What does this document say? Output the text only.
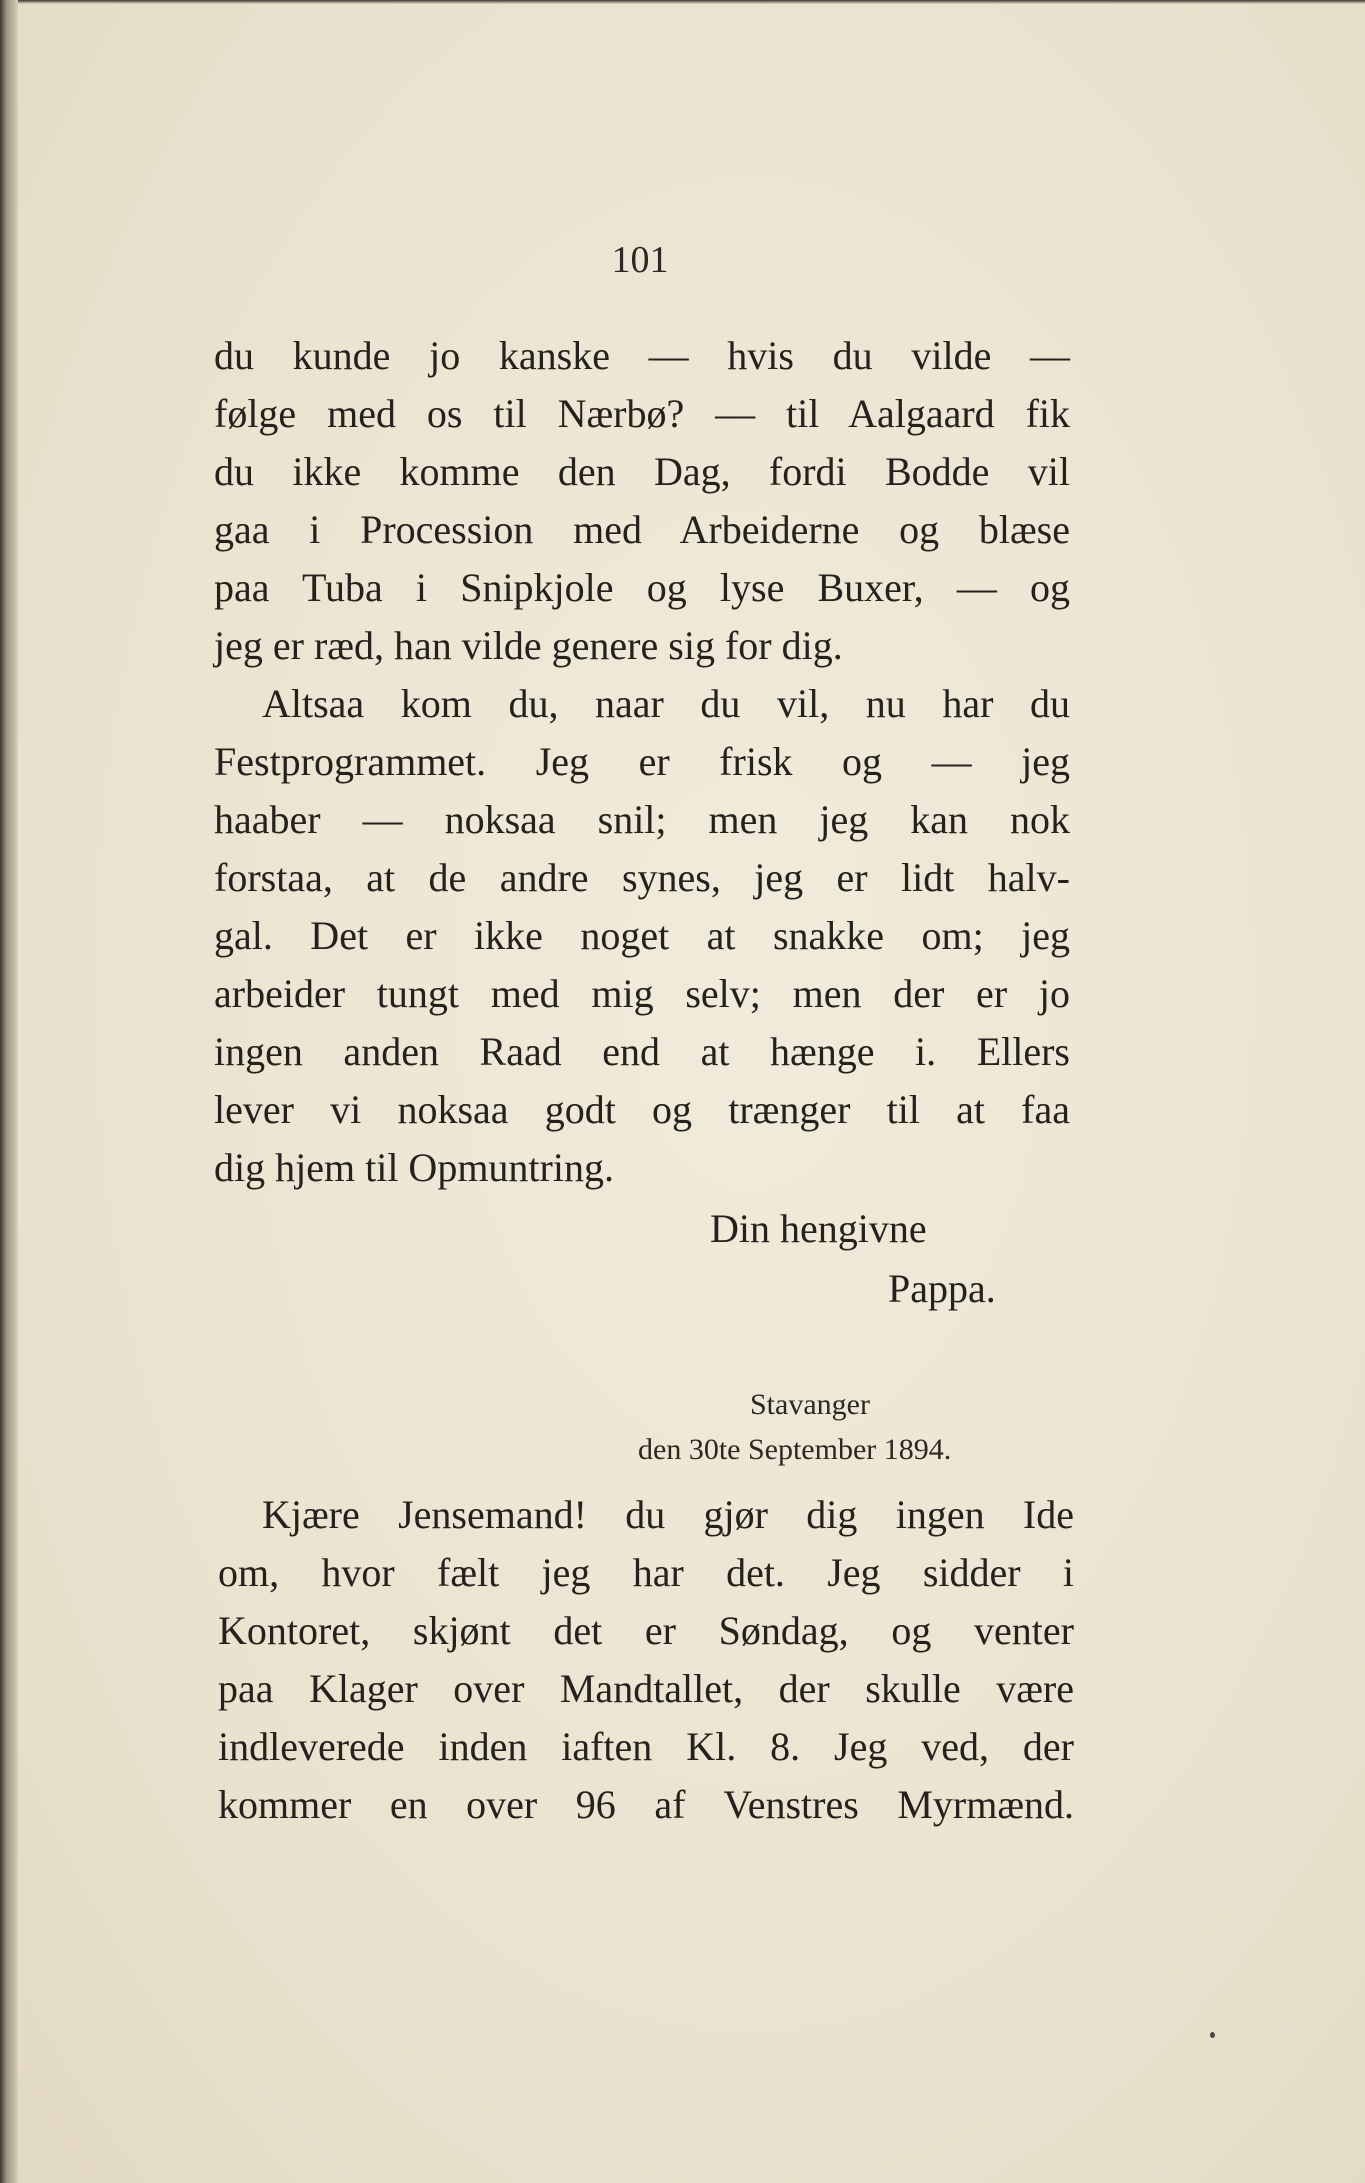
101
du kunde jo kanske — hvis du vilde —
følge med os til Nærbø? — til Aalgaard fik
du ikke komme den Dag, fordi Bodde vil
gaa i Procession med Arbeiderne og blæse
paa Tuba i Snipkjole og lyse Buxer, — og
jeg er ræd, han vilde genere sig for dig.
Altsaa kom du, naar du vil, nu har du
Festprogrammet. Jeg er frisk og — jeg
haaber — noksaa snil; men jeg kan nok
forstaa, at de andre synes, jeg er lidt halv-
gal. Det er ikke noget at snakke om; jeg
arbeider tungt med mig selv; men der er jo
ingen anden Raad end at hænge i. Ellers
lever vi noksaa godt og trænger til at faa
dig hjem til Opmuntring.
Din hengivne
Pappa.
Stavanger
den 30te September 1894.
Kjære Jensemand! du gjør dig ingen Ide
om, hvor fælt jeg har det. Jeg sidder i
Kontoret, skjønt det er Søndag, og venter
paa Klager over Mandtallet, der skulle være
indleverede inden iaften Kl. 8. Jeg ved, der
kommer en over 96 af Venstres Myrmænd.
